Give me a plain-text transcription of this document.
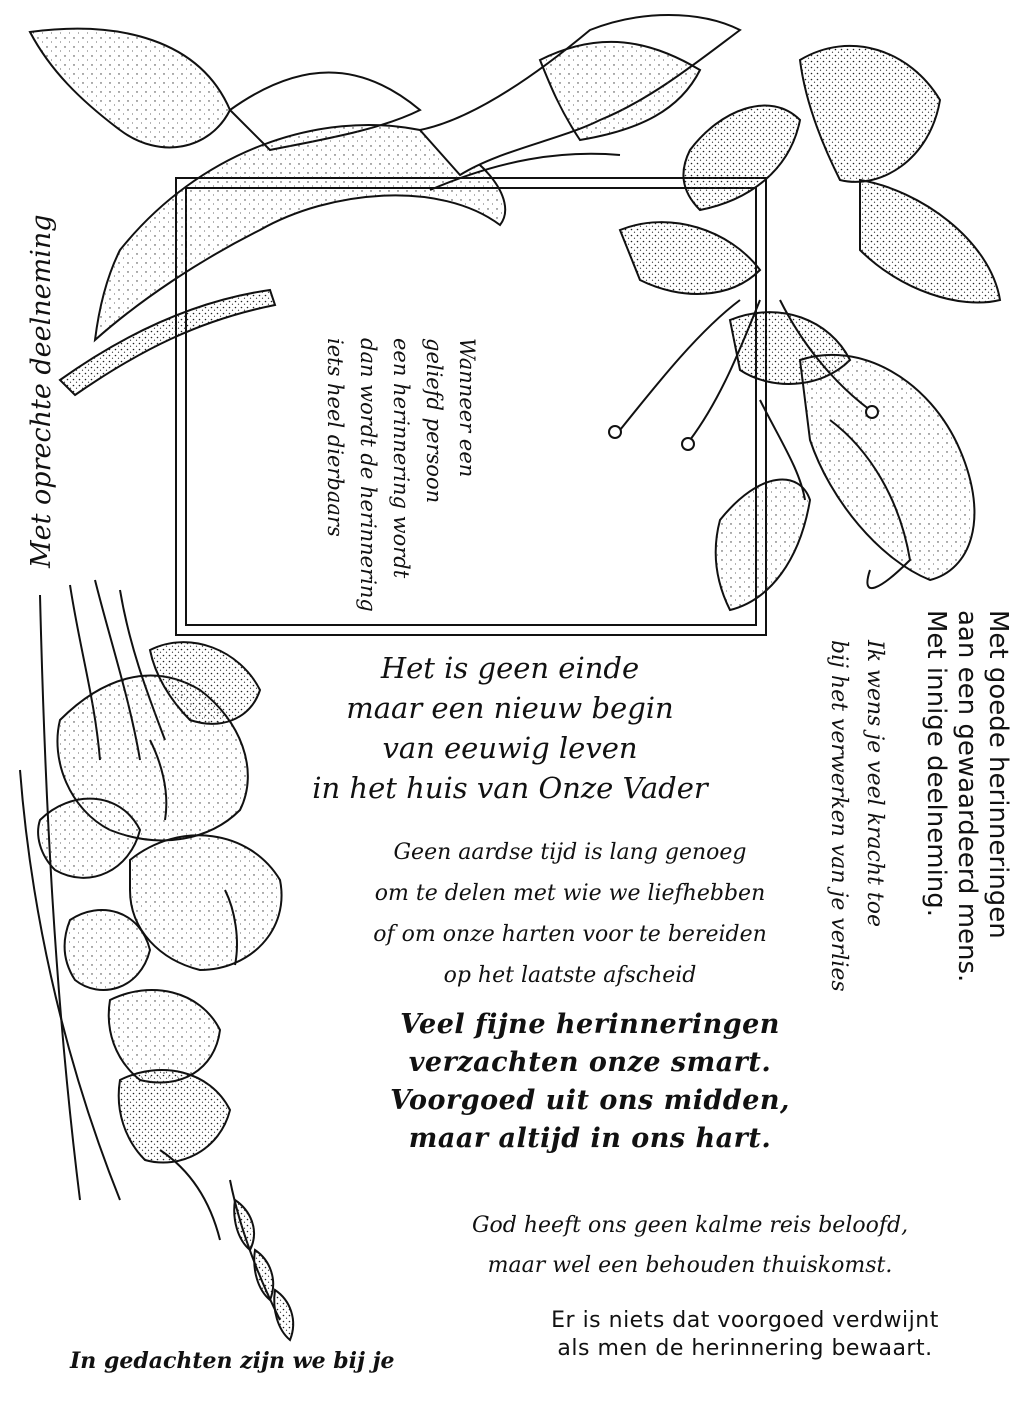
Met oprechte deelneming	Wanneer een
geliefd persoon
een herinnering wordt
dan wordt de herinnering
iets heel dierbaars
Het is geen einde
maar een nieuw begin
van eeuwig leven
in het huis van Onze Vader
Geen aardse tijd is lang genoeg
om te delen met wie we liefhebben
of om onze harten voor te bereiden
op het laatste afscheid
Veel fijne herinneringen
verzachten onze smart.
Voorgoed uit ons midden,
maar altijd in ons hart.
God heeft ons geen kalme reis beloofd,
maar wel een behouden thuiskomst.
Er is niets dat voorgoed verdwijnt
als men de herinnering bewaart.
In gedachten zijn we bij je
Ik wens je veel kracht toe
bij het verwerken van je verlies	Met goede herinneringen
aan een gewaardeerd mens.
Met innige deelneming.
